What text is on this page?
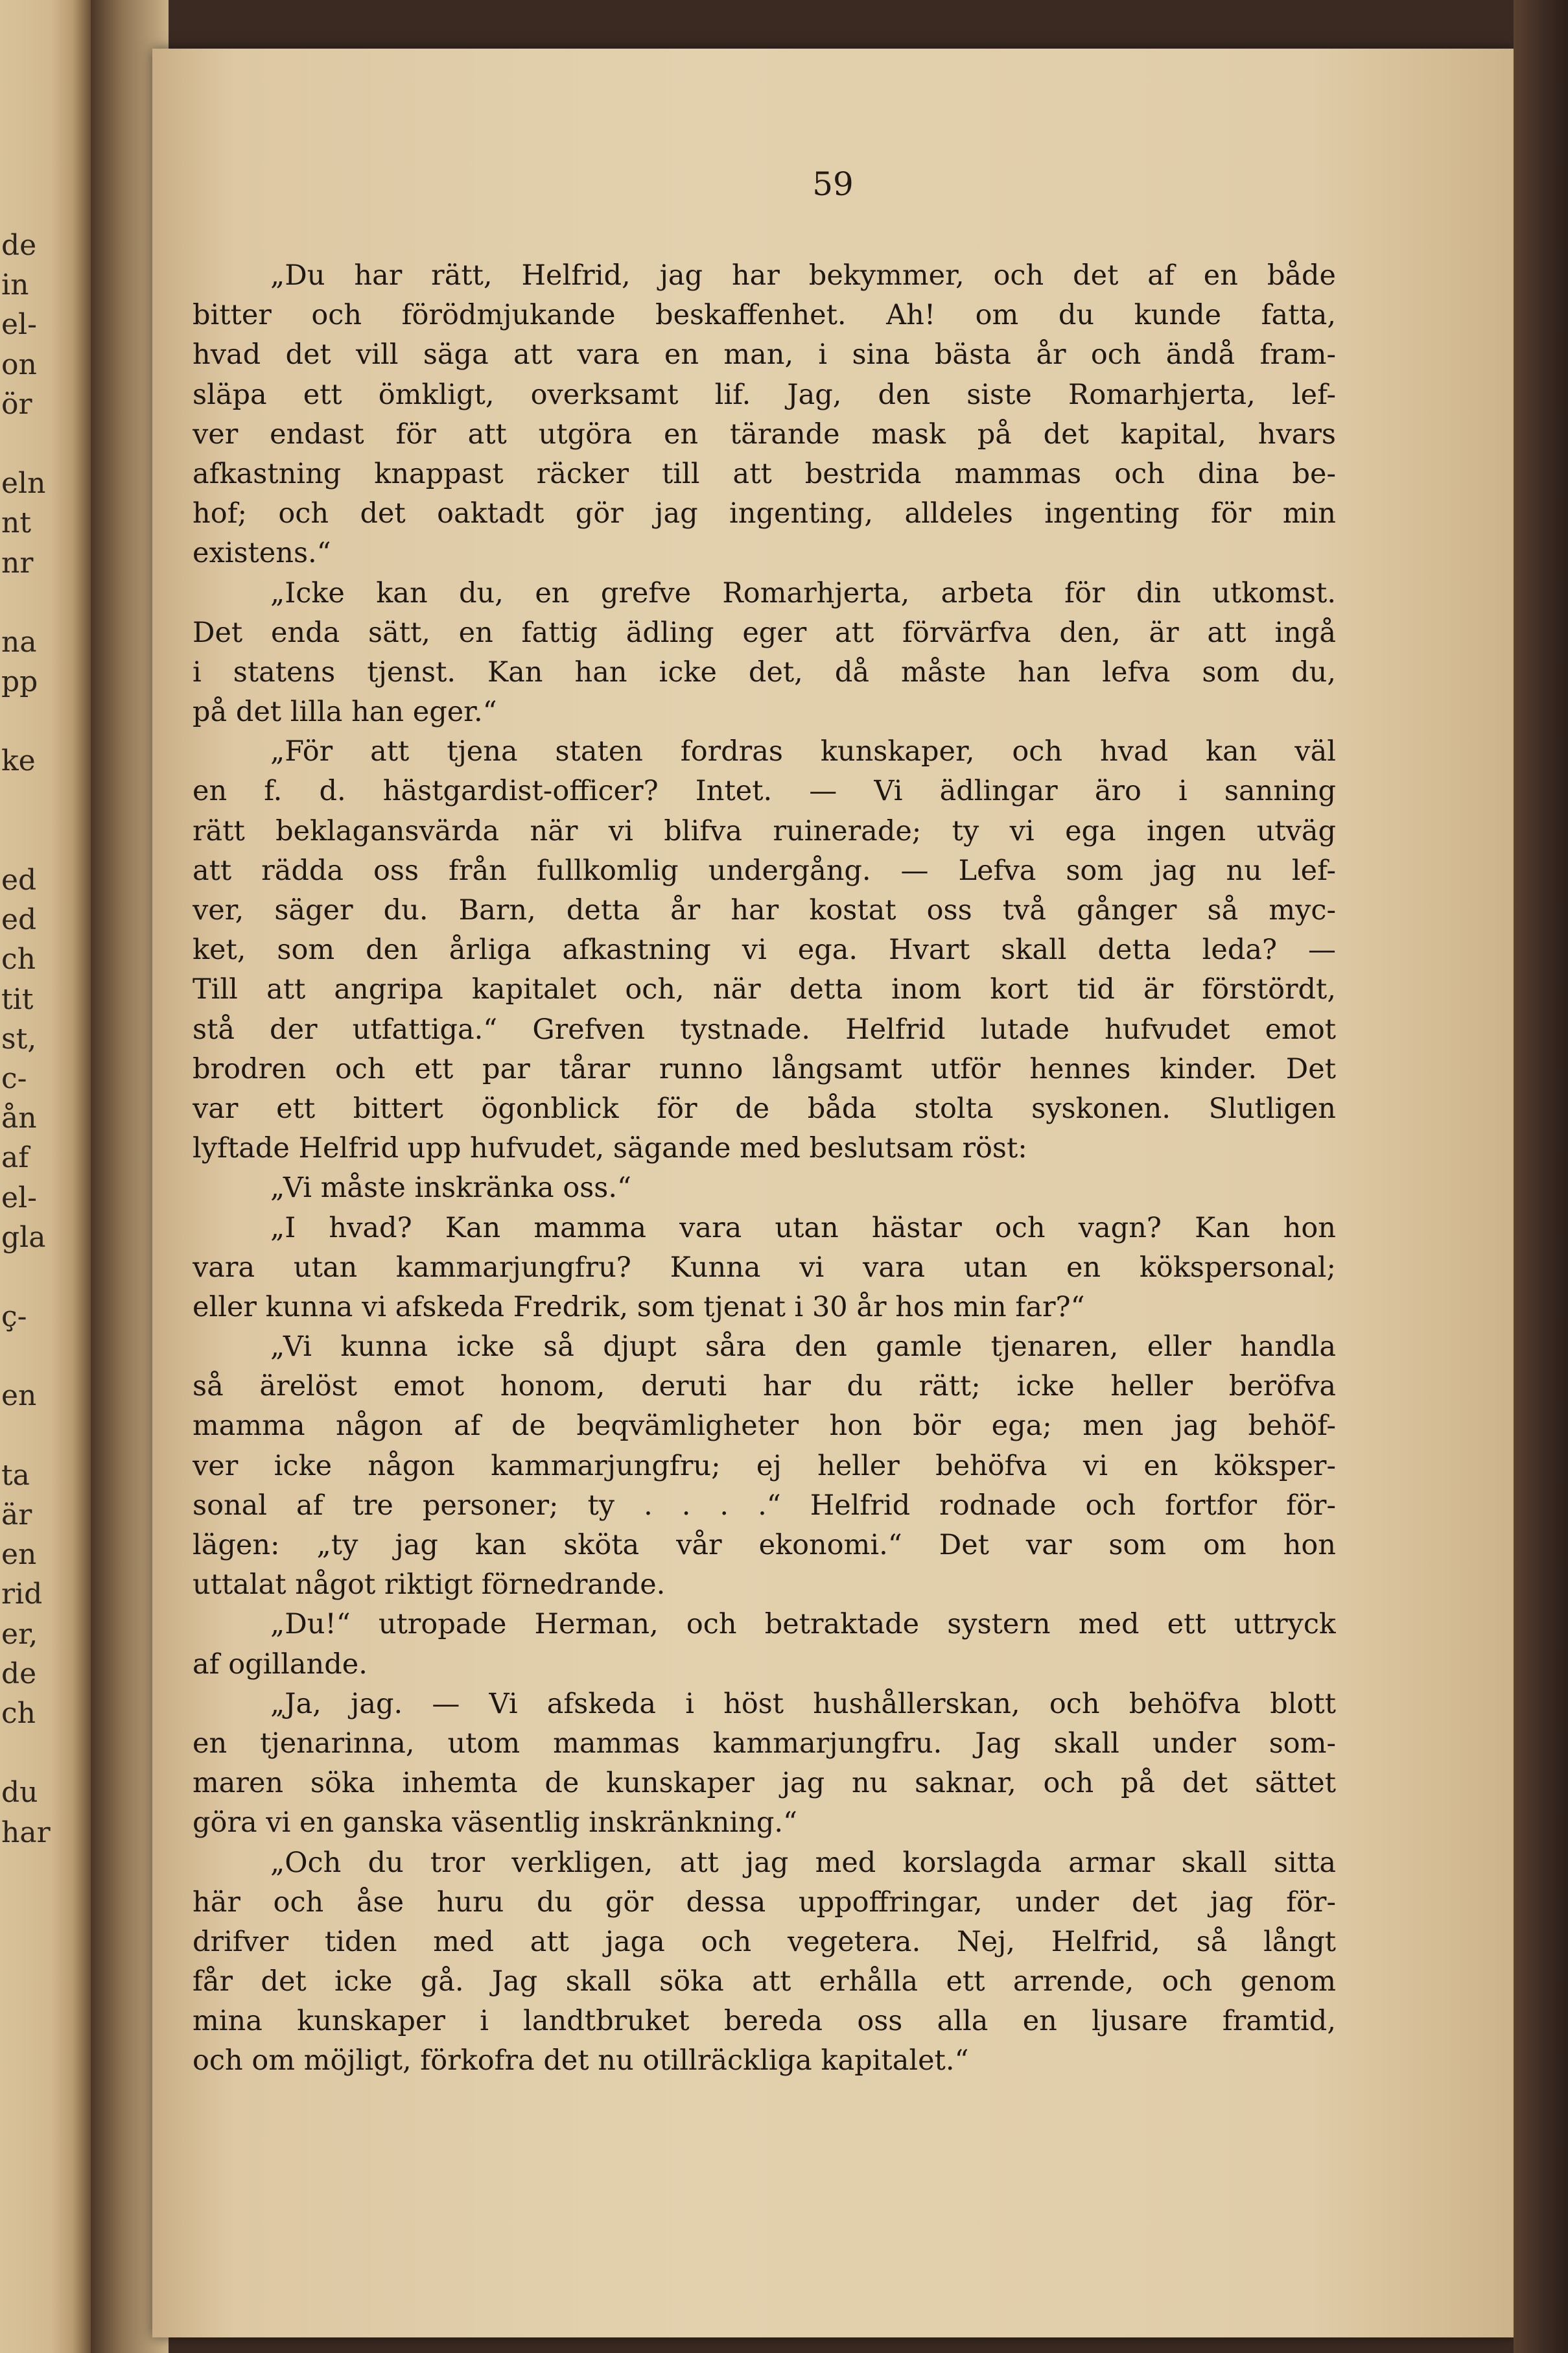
de
in
el-
on
ör
eln
nt
nr
na
pp
ke
ed
ed
ch
tit
st,
c-
ån
af
el-
gla
ç-
en
ta
är
en
rid
er,
de
ch
du
har
59
„Du har rätt, Helfrid, jag har bekymmer, och det af en både
bitter och förödmjukande beskaffenhet. Ah! om du kunde fatta,
hvad det vill säga att vara en man, i sina bästa år och ändå fram-
släpa ett ömkligt, overksamt lif. Jag, den siste Romarhjerta, lef-
ver endast för att utgöra en tärande mask på det kapital, hvars
afkastning knappast räcker till att bestrida mammas och dina be-
hof; och det oaktadt gör jag ingenting, alldeles ingenting för min
existens.“
„Icke kan du, en grefve Romarhjerta, arbeta för din utkomst.
Det enda sätt, en fattig ädling eger att förvärfva den, är att ingå
i statens tjenst. Kan han icke det, då måste han lefva som du,
på det lilla han eger.“
„För att tjena staten fordras kunskaper, och hvad kan väl
en f. d. hästgardist-officer? Intet. — Vi ädlingar äro i sanning
rätt beklagansvärda när vi blifva ruinerade; ty vi ega ingen utväg
att rädda oss från fullkomlig undergång. — Lefva som jag nu lef-
ver, säger du. Barn, detta år har kostat oss två gånger så myc-
ket, som den årliga afkastning vi ega. Hvart skall detta leda? —
Till att angripa kapitalet och, när detta inom kort tid är förstördt,
stå der utfattiga.“ Grefven tystnade. Helfrid lutade hufvudet emot
brodren och ett par tårar runno långsamt utför hennes kinder. Det
var ett bittert ögonblick för de båda stolta syskonen. Slutligen
lyftade Helfrid upp hufvudet, sägande med beslutsam röst:
„Vi måste inskränka oss.“
„I hvad? Kan mamma vara utan hästar och vagn? Kan hon
vara utan kammarjungfru? Kunna vi vara utan en kökspersonal;
eller kunna vi afskeda Fredrik, som tjenat i 30 år hos min far?“
„Vi kunna icke så djupt såra den gamle tjenaren, eller handla
så ärelöst emot honom, deruti har du rätt; icke heller beröfva
mamma någon af de beqvämligheter hon bör ega; men jag behöf-
ver icke någon kammarjungfru; ej heller behöfva vi en köksper-
sonal af tre personer; ty . . . .“ Helfrid rodnade och fortfor för-
lägen: „ty jag kan sköta vår ekonomi.“ Det var som om hon
uttalat något riktigt förnedrande.
„Du!“ utropade Herman, och betraktade systern med ett uttryck
af ogillande.
„Ja, jag. — Vi afskeda i höst hushållerskan, och behöfva blott
en tjenarinna, utom mammas kammarjungfru. Jag skall under som-
maren söka inhemta de kunskaper jag nu saknar, och på det sättet
göra vi en ganska väsentlig inskränkning.“
„Och du tror verkligen, att jag med korslagda armar skall sitta
här och åse huru du gör dessa uppoffringar, under det jag för-
drifver tiden med att jaga och vegetera. Nej, Helfrid, så långt
får det icke gå. Jag skall söka att erhålla ett arrende, och genom
mina kunskaper i landtbruket bereda oss alla en ljusare framtid,
och om möjligt, förkofra det nu otillräckliga kapitalet.“
